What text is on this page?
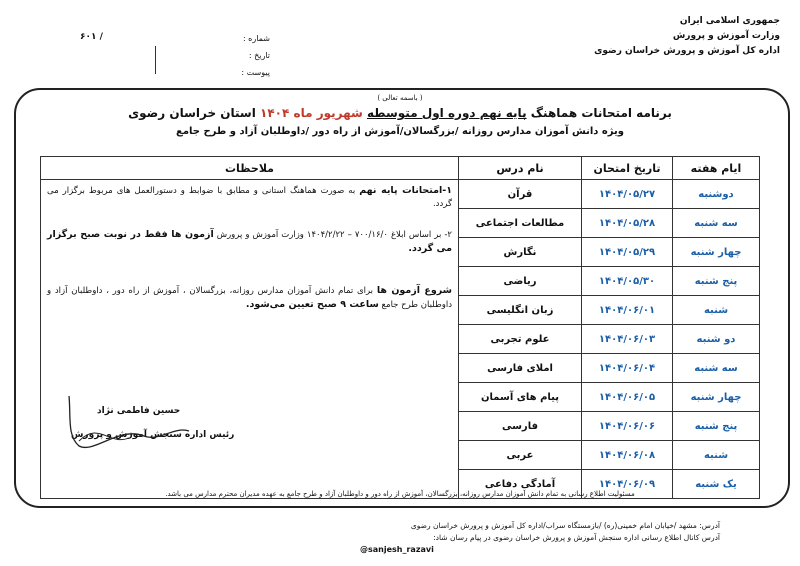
جمهوری اسلامی ایران
وزارت آموزش و پرورش
اداره کل آموزش و پرورش خراسان رضوی
شماره :
تاریخ :
پیوست :
/ ۶۰۱
( باسمه تعالی )
برنامه امتحانات هماهنگ پایه نهم دوره اول متوسطه شهریور ماه ۱۴۰۴ استان خراسان رضوی
ویژه دانش آموزان مدارس روزانه /بزرگسالان/آموزش از راه دور /داوطلبان آزاد و طرح جامع
ایام هفته	تاریخ امتحان	نام درس	ملاحظات
دوشنبه	۱۴۰۴/۰۵/۲۷	قرآن	۱-امتحانات پایه نهم به صورت هماهنگ استانی و مطابق با ضوابط و دستورالعمل های مربوط برگزار می گردد.
۲- بر اساس ابلاغ ۷۰۰/۱۶/۰ – ۱۴۰۴/۲/۲۲ وزارت آموزش و پرورش آزمون ها فقط در نوبت صبح برگزار می گردد.
شروع آزمون ها برای تمام دانش آموزان مدارس روزانه، بزرگسالان ، آموزش از راه دور ، داوطلبان آزاد و داوطلبان طرح جامع ساعت ۹ صبح تعیین می‌شود.
حسین فاطمی نژاد
رئیس اداره سنجش آموزش و پرورش

سه شنبه	۱۴۰۴/۰۵/۲۸	مطالعات اجتماعی	
چهار شنبه	۱۴۰۴/۰۵/۲۹	نگارش	
پنج شنبه	۱۴۰۴/۰۵/۳۰	ریاضی	
شنبه	۱۴۰۴/۰۶/۰۱	زبان انگلیسی	
دو شنبه	۱۴۰۴/۰۶/۰۳	علوم تجربی	
سه شنبه	۱۴۰۴/۰۶/۰۴	املای فارسی	
چهار شنبه	۱۴۰۴/۰۶/۰۵	پیام های آسمان	
پنج شنبه	۱۴۰۴/۰۶/۰۶	فارسی	
شنبه	۱۴۰۴/۰۶/۰۸	عربی	
یک شنبه	۱۴۰۴/۰۶/۰۹	آمادگی دفاعی	
مسئولیت اطلاع رسانی به تمام دانش آموزان مدارس روزانه، بزرگسالان، آموزش از راه دور و داوطلبان آزاد و طرح جامع به عهده مدیران محترم مدارس می باشد.
آدرس: مشهد /خیابان امام خمینی(ره) /بازمستگاه سراب/اداره کل آموزش و پرورش خراسان رضوی
آدرس کانال اطلاع رسانی اداره سنجش آموزش و پرورش خراسان رضوی در پیام رسان شاد:
@sanjesh_razavi
